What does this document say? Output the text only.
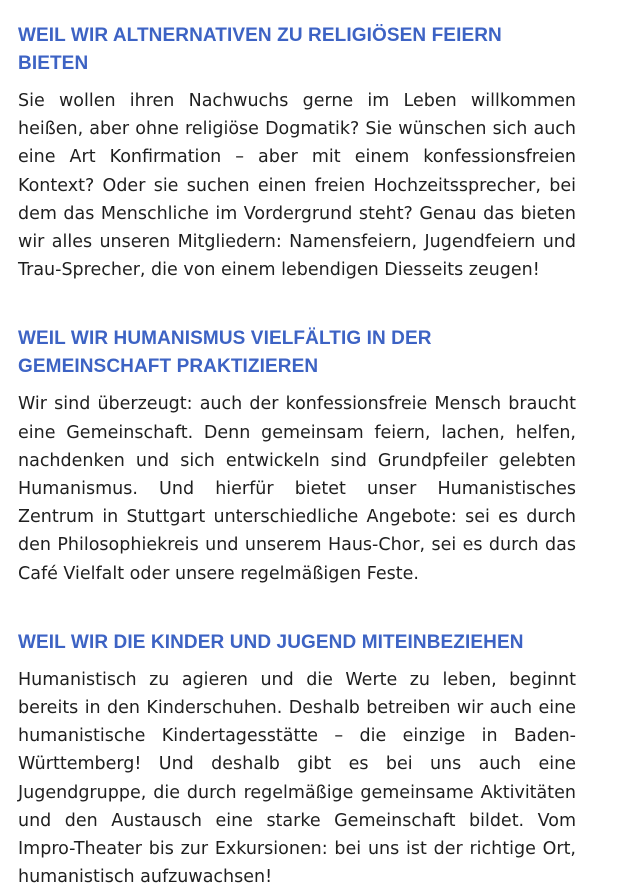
WEIL WIR ALTNERNATIVEN ZU RELIGIÖSEN FEIERN BIETEN

Sie wollen ihren Nachwuchs gerne im Leben willkommen heißen, aber ohne religiöse Dogmatik? Sie wünschen sich auch eine Art Konfirmation – aber mit einem konfessionsfreien Kontext? Oder sie suchen einen freien Hochzeitssprecher, bei dem das Menschliche im Vordergrund steht? Genau das bieten wir alles unseren Mitgliedern: Namensfeiern, Jugendfeiern und Trau-Sprecher, die von einem lebendigen Diesseits zeugen!

WEIL WIR HUMANISMUS VIELFÄLTIG IN DER
GEMEINSCHAFT PRAKTIZIEREN

Wir sind überzeugt: auch der konfessionsfreie Mensch braucht eine Gemeinschaft. Denn gemeinsam feiern, lachen, helfen, nachdenken und sich entwickeln sind Grundpfeiler gelebten Humanismus. Und hierfür bietet unser Humanistisches Zentrum in Stuttgart unterschiedliche Angebote: sei es durch den Philosophiekreis und unserem Haus-Chor, sei es durch das Café Vielfalt oder unsere regelmäßigen Feste.

WEIL WIR DIE KINDER UND JUGEND MITEINBEZIEHEN

Humanistisch zu agieren und die Werte zu leben, beginnt bereits in den Kinderschuhen. Deshalb betreiben wir auch eine humanistische Kindertagesstätte – die einzige in Baden-Württemberg! Und deshalb gibt es bei uns auch eine Jugendgruppe, die durch regelmäßige gemeinsame Aktivitäten und den Austausch eine starke Gemeinschaft bildet. Vom Impro-Theater bis zur Exkursionen: bei uns ist der richtige Ort, humanistisch aufzuwachsen!
